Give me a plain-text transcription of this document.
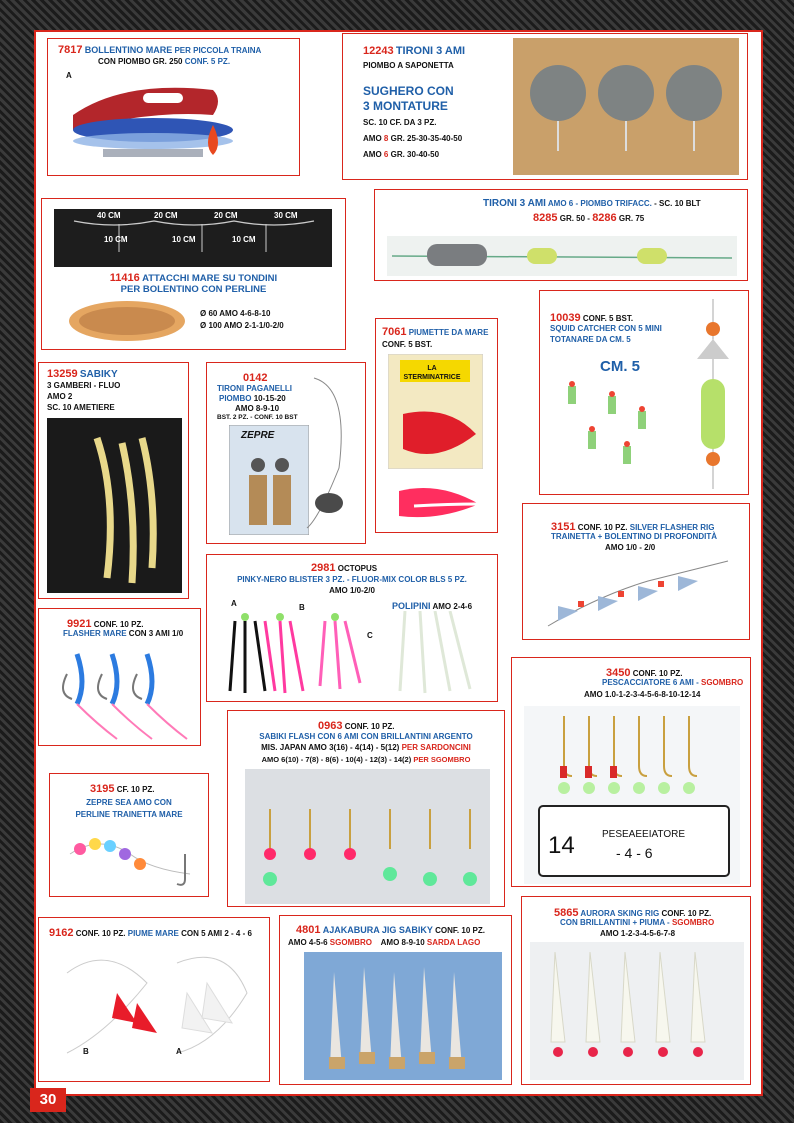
7817 BOLLENTINO MARE PER PICCOLA TRAINA
CON PIOMBO GR. 250 CONF. 5 PZ.
A
12243 TIRONI 3 AMI
PIOMBO A SAPONETTA
SUGHERO CON
3 MONTATURE
SC. 10 CF. DA 3 PZ.
AMO 8 GR. 25-30-35-40-50
AMO 6 GR. 30-40-50
TIRONI 3 AMI AMO 6 - PIOMBO TRIFACC. - SC. 10 BLT
8285 GR. 50 - 8286 GR. 75
40 CM	20 CM	20 CM	30 CM
10 CM	10 CM	10 CM
11416 ATTACCHI MARE SU TONDINI
PER BOLENTINO CON PERLINE
Ø 60 AMO 4-6-8-10
Ø 100 AMO 2-1-1/0-2/0
7061 PIUMETTE DA MARE
CONF. 5 BST.
LA STERMINATRICE
10039 CONF. 5 BST.
SQUID CATCHER CON 5 MINI
TOTANARE DA CM. 5
CM. 5
13259 SABIKY
3 GAMBERI - FLUO
AMO 2
SC. 10 AMETIERE
0142
TIRONI PAGANELLI
PIOMBO 10-15-20
AMO 8-9-10
BST. 2 PZ. - CONF. 10 BST
ZEPRE
2981 OCTOPUS
PINKY-NERO BLISTER 3 PZ. - FLUOR-MIX COLOR BLS 5 PZ.
AMO 1/0-2/0
POLIPINI AMO 2-4-6
A	B
C
3151 CONF. 10 PZ. SILVER FLASHER RIG
TRAINETTA + BOLENTINO DI PROFONDITÀ
AMO 1/0 - 2/0
9921 CONF. 10 PZ.
FLASHER MARE CON 3 AMI 1/0
3450 CONF. 10 PZ.
PESCACCIATORE 6 AMI - SGOMBRO
AMO 1.0-1-2-3-4-5-6-8-10-12-14
14	PESEAEEIATORE
- 4 - 6
0963 CONF. 10 PZ.
SABIKI FLASH CON 6 AMI CON BRILLANTINI ARGENTO
MIS. JAPAN AMO 3(16) - 4(14) - 5(12) PER SARDONCINI
AMO 6(10) - 7(8) - 8(6) - 10(4) - 12(3) - 14(2) PER SGOMBRO
3195 CF. 10 PZ.
ZEPRE SEA AMO CON
PERLINE TRAINETTA MARE
9162 CONF. 10 PZ. PIUME MARE CON 5 AMI 2 - 4 - 6
B	A
4801 AJAKABURA JIG SABIKY CONF. 10 PZ.
AMO 4-5-6 SGOMBRO AMO 8-9-10 SARDA LAGO
5865 AURORA SKING RIG CONF. 10 PZ.
CON BRILLANTINI + PIUMA - SGOMBRO
AMO 1-2-3-4-5-6-7-8
30
